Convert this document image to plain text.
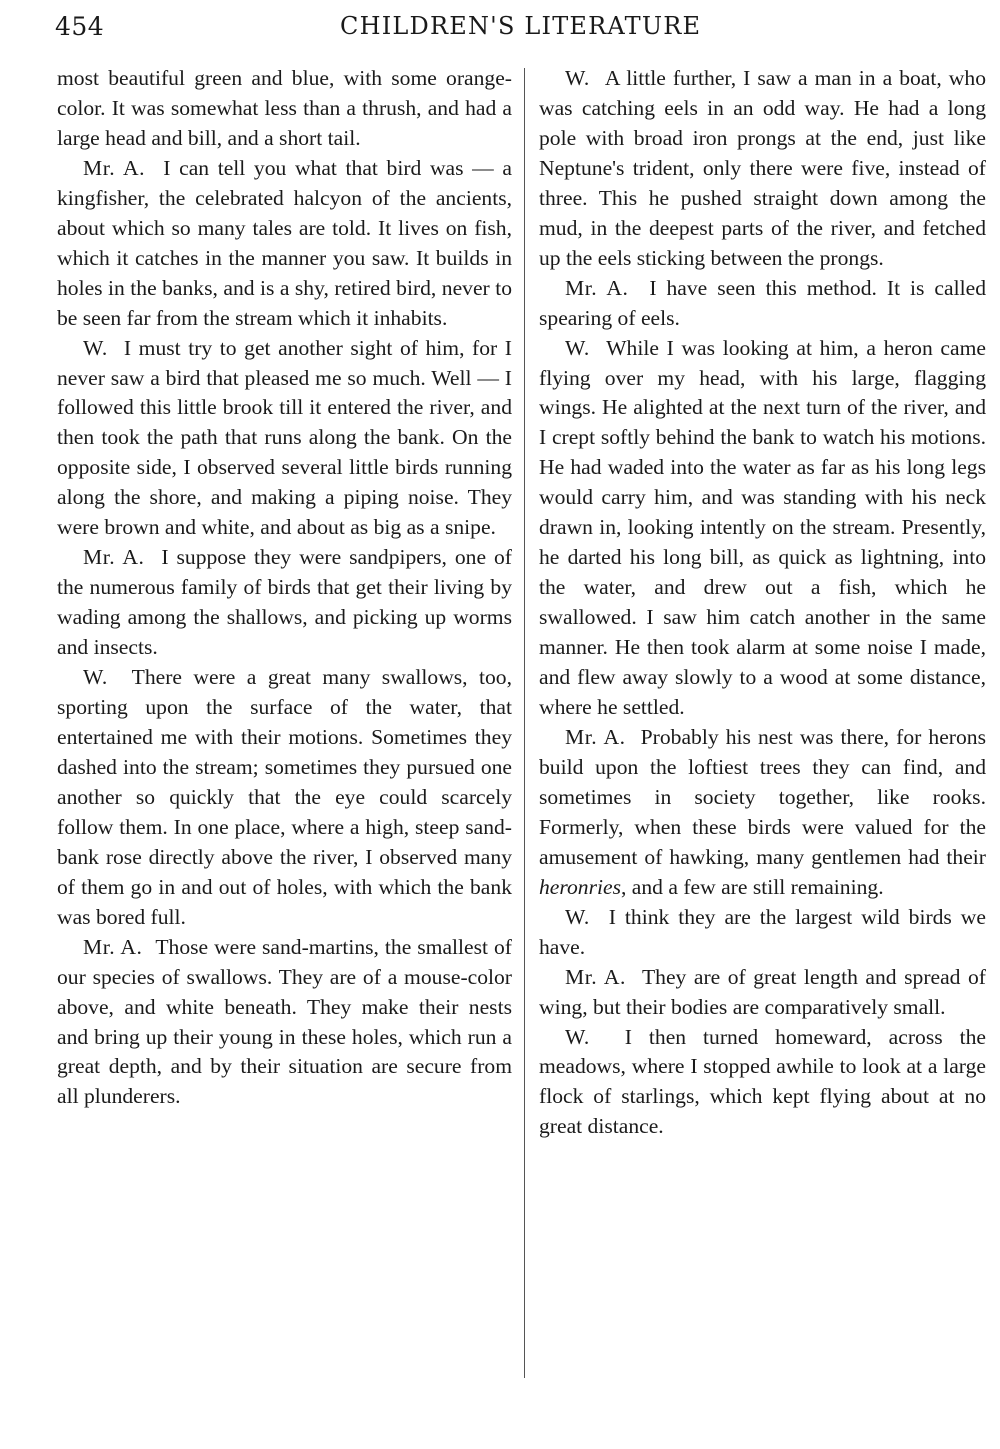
454	CHILDREN'S LITERATURE

most beautiful green and blue, with some orange-color. It was somewhat less than a thrush, and had a large head and bill, and a short tail.

Mr. A. I can tell you what that bird was — a kingfisher, the celebrated halcyon of the ancients, about which so many tales are told. It lives on fish, which it catches in the manner you saw. It builds in holes in the banks, and is a shy, retired bird, never to be seen far from the stream which it inhabits.

W. I must try to get another sight of him, for I never saw a bird that pleased me so much. Well — I followed this little brook till it entered the river, and then took the path that runs along the bank. On the opposite side, I observed several little birds running along the shore, and making a piping noise. They were brown and white, and about as big as a snipe.

Mr. A. I suppose they were sandpipers, one of the numerous family of birds that get their living by wading among the shallows, and picking up worms and insects.

W. There were a great many swallows, too, sporting upon the surface of the water, that entertained me with their motions. Sometimes they dashed into the stream; sometimes they pursued one another so quickly that the eye could scarcely follow them. In one place, where a high, steep sand-bank rose directly above the river, I observed many of them go in and out of holes, with which the bank was bored full.

Mr. A. Those were sand-martins, the smallest of our species of swallows. They are of a mouse-color above, and white beneath. They make their nests and bring up their young in these holes, which run a great depth, and by their situation are secure from all plunderers.

W. A little further, I saw a man in a boat, who was catching eels in an odd way. He had a long pole with broad iron prongs at the end, just like Neptune's trident, only there were five, instead of three. This he pushed straight down among the mud, in the deepest parts of the river, and fetched up the eels sticking between the prongs.

Mr. A. I have seen this method. It is called spearing of eels.

W. While I was looking at him, a heron came flying over my head, with his large, flagging wings. He alighted at the next turn of the river, and I crept softly behind the bank to watch his motions. He had waded into the water as far as his long legs would carry him, and was standing with his neck drawn in, looking intently on the stream. Presently, he darted his long bill, as quick as lightning, into the water, and drew out a fish, which he swallowed. I saw him catch another in the same manner. He then took alarm at some noise I made, and flew away slowly to a wood at some distance, where he settled.

Mr. A. Probably his nest was there, for herons build upon the loftiest trees they can find, and sometimes in society together, like rooks. Formerly, when these birds were valued for the amusement of hawking, many gentlemen had their heronries, and a few are still remaining.

W. I think they are the largest wild birds we have.

Mr. A. They are of great length and spread of wing, but their bodies are comparatively small.

W. I then turned homeward, across the meadows, where I stopped awhile to look at a large flock of starlings, which kept flying about at no great distance.
